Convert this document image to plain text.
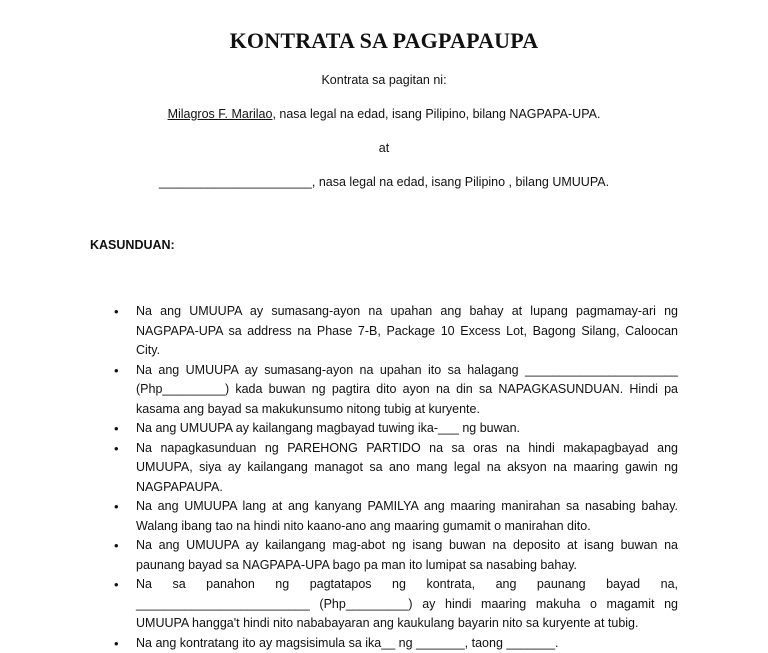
KONTRATA SA PAGPAPAUPA
Kontrata sa pagitan ni:
Milagros F. Marilao, nasa legal na edad, isang Pilipino, bilang NAGPAPA-UPA.
at
______________________, nasa legal na edad, isang Pilipino , bilang UMUUPA.
KASUNDUAN:
• Na ang UMUUPA ay sumasang-ayon na upahan ang bahay at lupang pagmamay-ari ng
NAGPAPA-UPA sa address na Phase 7-B, Package 10 Excess Lot, Bagong Silang, Caloocan City.
• Na ang UMUUPA ay sumasang-ayon na upahan ito sa halagang ______________________
(Php_________) kada buwan ng pagtira dito ayon na din sa NAPAGKASUNDUAN. Hindi pa kasama ang bayad sa makukunsumo nitong tubig at kuryente.
• Na ang UMUUPA ay kailangang magbayad tuwing ika-___ ng buwan.
• Na napagkasunduan ng PAREHONG PARTIDO na sa oras na hindi makapagbayad ang UMUUPA, siya ay kailangang managot sa ano mang legal na aksyon na maaring gawin ng NAGPAPAUPA.
• Na ang UMUUPA lang at ang kanyang PAMILYA ang maaring manirahan sa nasabing bahay. Walang ibang tao na hindi nito kaano-ano ang maaring gumamit o manirahan dito.
• Na ang UMUUPA ay kailangang mag-abot ng isang buwan na deposito at isang buwan na paunang bayad sa NAGPAPA-UPA bago pa man ito lumipat sa nasabing bahay.
• Na sa panahon ng pagtatapos ng kontrata, ang paunang bayad na, _________________________ (Php_________) ay hindi maaring makuha o magamit ng UMUUPA hangga't hindi nito nababayaran ang kaukulang bayarin nito sa kuryente at tubig.
• Na ang kontratang ito ay magsisimula sa ika__ ng _______, taong _______.
